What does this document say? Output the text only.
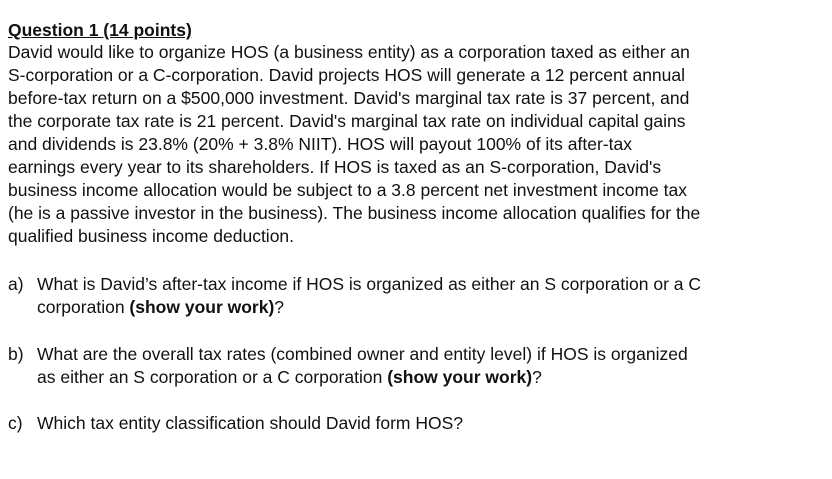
Question 1 (14 points)
David would like to organize HOS (a business entity) as a corporation taxed as either an
S-corporation or a C-corporation. David projects HOS will generate a 12 percent annual
before-tax return on a $500,000 investment. David's marginal tax rate is 37 percent, and
the corporate tax rate is 21 percent. David's marginal tax rate on individual capital gains
and dividends is 23.8% (20% + 3.8% NIIT). HOS will payout 100% of its after-tax
earnings every year to its shareholders. If HOS is taxed as an S-corporation, David's
business income allocation would be subject to a 3.8 percent net investment income tax
(he is a passive investor in the business). The business income allocation qualifies for the
qualified business income deduction.
a) What is David’s after-tax income if HOS is organized as either an S corporation or a C
corporation (show your work)?
b) What are the overall tax rates (combined owner and entity level) if HOS is organized
as either an S corporation or a C corporation (show your work)?
c) Which tax entity classification should David form HOS?
